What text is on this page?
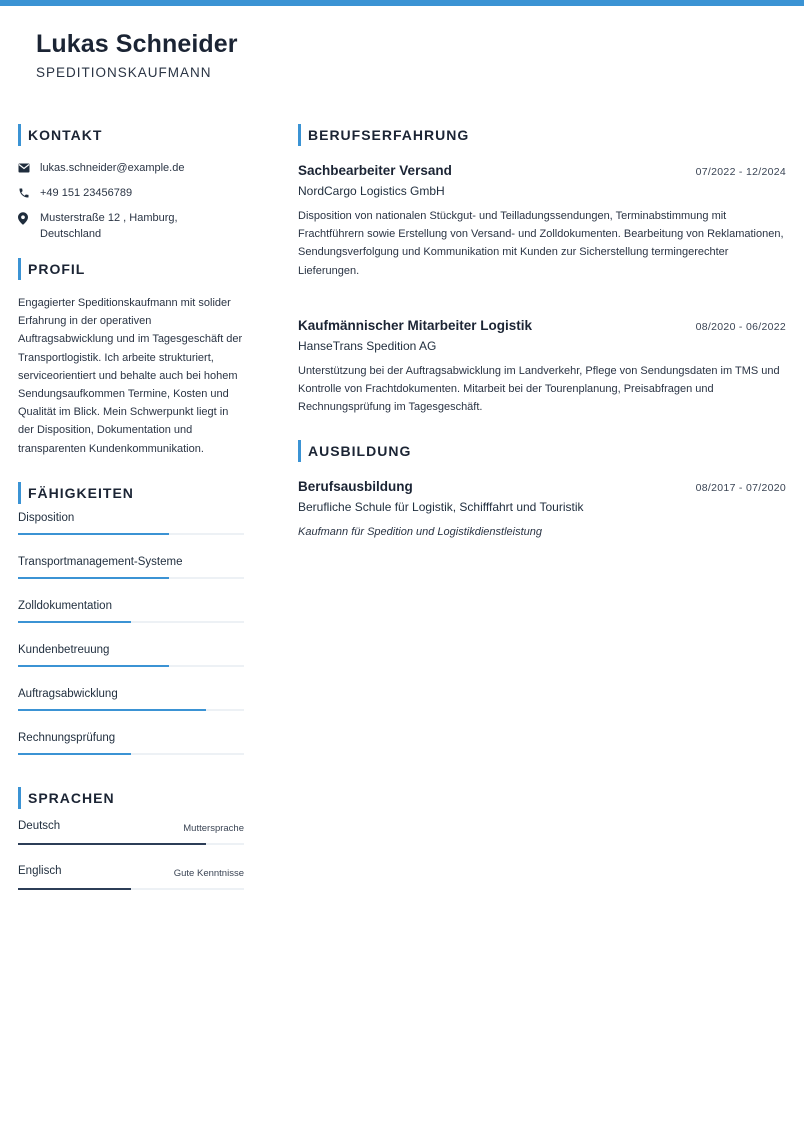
Lukas Schneider
SPEDITIONSKAUFMANN
KONTAKT
lukas.schneider@example.de
+49 151 23456789
Musterstraße 12 , Hamburg, Deutschland
PROFIL
Engagierter Speditionskaufmann mit solider Erfahrung in der operativen Auftragsabwicklung und im Tagesgeschäft der Transportlogistik. Ich arbeite strukturiert, serviceorientiert und behalte auch bei hohem Sendungsaufkommen Termine, Kosten und Qualität im Blick. Mein Schwerpunkt liegt in der Disposition, Dokumentation und transparenten Kundenkommunikation.
FÄHIGKEITEN
Disposition
Transportmanagement-Systeme
Zolldokumentation
Kundenbetreuung
Auftragsabwicklung
Rechnungsprüfung
SPRACHEN
Deutsch	Muttersprache
Englisch	Gute Kenntnisse
BERUFSERFAHRUNG
Sachbearbeiter Versand	07/2022 - 12/2024
NordCargo Logistics GmbH
Disposition von nationalen Stückgut- und Teilladungssendungen, Terminabstimmung mit Frachtführern sowie Erstellung von Versand- und Zolldokumenten. Bearbeitung von Reklamationen, Sendungsverfolgung und Kommunikation mit Kunden zur Sicherstellung termingerechter Lieferungen.
Kaufmännischer Mitarbeiter Logistik	08/2020 - 06/2022
HanseTrans Spedition AG
Unterstützung bei der Auftragsabwicklung im Landverkehr, Pflege von Sendungsdaten im TMS und Kontrolle von Frachtdokumenten. Mitarbeit bei der Tourenplanung, Preisabfragen und Rechnungsprüfung im Tagesgeschäft.
AUSBILDUNG
Berufsausbildung	08/2017 - 07/2020
Berufliche Schule für Logistik, Schifffahrt und Touristik
Kaufmann für Spedition und Logistikdienstleistung
